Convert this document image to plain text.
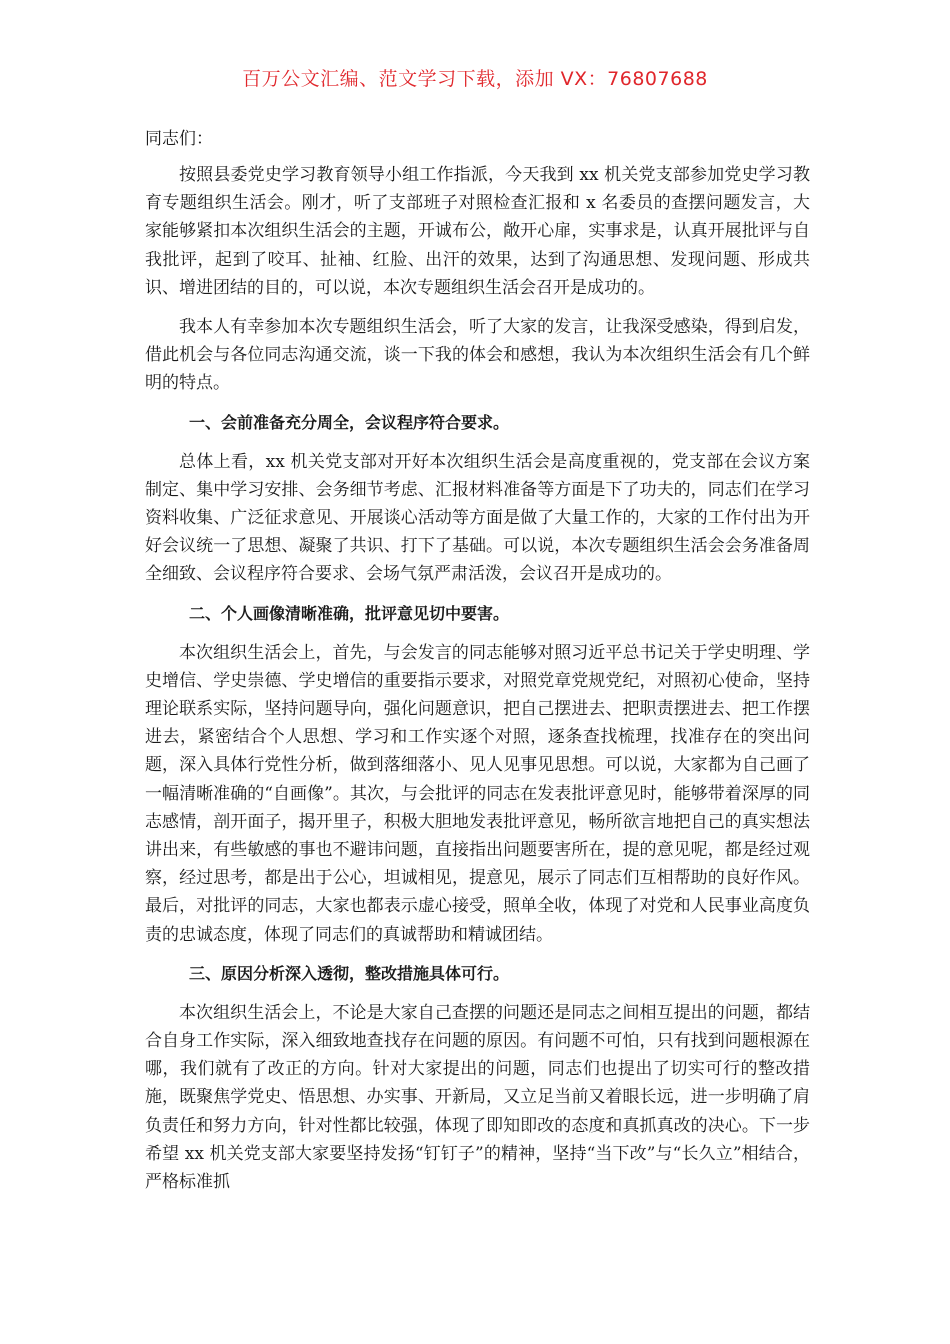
百万公文汇编、范文学习下载，添加 VX：76807688

同志们：

按照县委党史学习教育领导小组工作指派，今天我到 xx 机关党支部参加党史学习教育专题组织生活会。刚才，听了支部班子对照检查汇报和 x 名委员的查摆问题发言，大家能够紧扣本次组织生活会的主题，开诚布公，敞开心扉，实事求是，认真开展批评与自我批评，起到了咬耳、扯袖、红脸、出汗的效果，达到了沟通思想、发现问题、形成共识、增进团结的目的，可以说，本次专题组织生活会召开是成功的。

我本人有幸参加本次专题组织生活会，听了大家的发言，让我深受感染，得到启发，借此机会与各位同志沟通交流，谈一下我的体会和感想，我认为本次组织生活会有几个鲜明的特点。

一、会前准备充分周全，会议程序符合要求。

总体上看，xx 机关党支部对开好本次组织生活会是高度重视的，党支部在会议方案制定、集中学习安排、会务细节考虑、汇报材料准备等方面是下了功夫的，同志们在学习资料收集、广泛征求意见、开展谈心活动等方面是做了大量工作的，大家的工作付出为开好会议统一了思想、凝聚了共识、打下了基础。可以说，本次专题组织生活会会务准备周全细致、会议程序符合要求、会场气氛严肃活泼，会议召开是成功的。

二、个人画像清晰准确，批评意见切中要害。

本次组织生活会上，首先，与会发言的同志能够对照习近平总书记关于学史明理、学史增信、学史崇德、学史增信的重要指示要求，对照党章党规党纪，对照初心使命，坚持理论联系实际，坚持问题导向，强化问题意识，把自己摆进去、把职责摆进去、把工作摆进去，紧密结合个人思想、学习和工作实逐个对照，逐条查找梳理，找准存在的突出问题，深入具体行党性分析，做到落细落小、见人见事见思想。可以说，大家都为自己画了一幅清晰准确的“自画像”。其次，与会批评的同志在发表批评意见时，能够带着深厚的同志感情，剖开面子，揭开里子，积极大胆地发表批评意见，畅所欲言地把自己的真实想法讲出来，有些敏感的事也不避讳问题，直接指出问题要害所在，提的意见呢，都是经过观察，经过思考，都是出于公心，坦诚相见，提意见，展示了同志们互相帮助的良好作风。最后，对批评的同志，大家也都表示虚心接受，照单全收，体现了对党和人民事业高度负责的忠诚态度，体现了同志们的真诚帮助和精诚团结。

三、原因分析深入透彻，整改措施具体可行。

本次组织生活会上，不论是大家自己查摆的问题还是同志之间相互提出的问题，都结合自身工作实际，深入细致地查找存在问题的原因。有问题不可怕，只有找到问题根源在哪，我们就有了改正的方向。针对大家提出的问题，同志们也提出了切实可行的整改措施，既聚焦学党史、悟思想、办实事、开新局，又立足当前又着眼长远，进一步明确了肩负责任和努力方向，针对性都比较强，体现了即知即改的态度和真抓真改的决心。下一步希望 xx 机关党支部大家要坚持发扬“钉钉子”的精神，坚持“当下改”与“长久立”相结合，严格标准抓
